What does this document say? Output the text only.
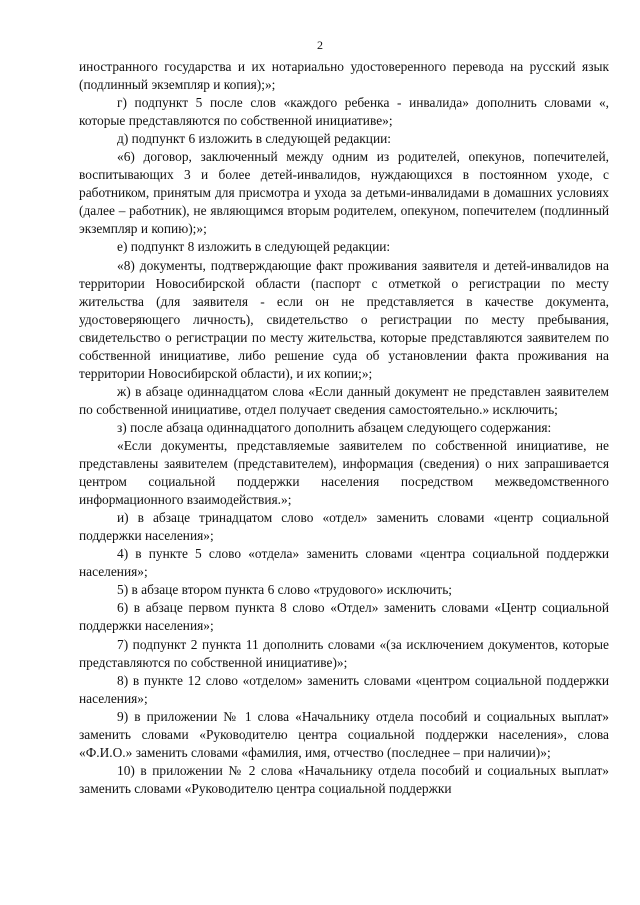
2

иностранного государства и их нотариально удостоверенного перевода на русский язык (подлинный экземпляр и копия);»;

г) подпункт 5 после слов «каждого ребенка - инвалида» дополнить словами «, которые представляются по собственной инициативе»;

д) подпункт 6 изложить в следующей редакции:

«6) договор, заключенный между одним из родителей, опекунов, попечителей, воспитывающих 3 и более детей-инвалидов, нуждающихся в постоянном уходе, с работником, принятым для присмотра и ухода за детьми-инвалидами в домашних условиях (далее – работник), не являющимся вторым родителем, опекуном, попечителем (подлинный экземпляр и копию);»;

е) подпункт 8 изложить в следующей редакции:

«8) документы, подтверждающие факт проживания заявителя и детей-инвалидов на территории Новосибирской области (паспорт с отметкой о регистрации по месту жительства (для заявителя - если он не представляется в качестве документа, удостоверяющего личность), свидетельство о регистрации по месту пребывания, свидетельство о регистрации по месту жительства, которые представляются заявителем по собственной инициативе, либо решение суда об установлении факта проживания на территории Новосибирской области), и их копии;»;

ж) в абзаце одиннадцатом слова «Если данный документ не представлен заявителем по собственной инициативе, отдел получает сведения самостоятельно.» исключить;

з) после абзаца одиннадцатого дополнить абзацем следующего содержания:

«Если документы, представляемые заявителем по собственной инициативе, не представлены заявителем (представителем), информация (сведения) о них запрашивается центром социальной поддержки населения посредством межведомственного информационного взаимодействия.»;

и) в абзаце тринадцатом слово «отдел» заменить словами «центр социальной поддержки населения»;

4) в пункте 5 слово «отдела» заменить словами «центра социальной поддержки населения»;

5) в абзаце втором пункта 6 слово «трудового» исключить;

6) в абзаце первом пункта 8 слово «Отдел» заменить словами «Центр социальной поддержки населения»;

7) подпункт 2 пункта 11 дополнить словами «(за исключением документов, которые представляются по собственной инициативе)»;

8) в пункте 12 слово «отделом» заменить словами «центром социальной поддержки населения»;

9) в приложении № 1 слова «Начальнику отдела пособий и социальных выплат» заменить словами «Руководителю центра социальной поддержки населения», слова «Ф.И.О.» заменить словами «фамилия, имя, отчество (последнее – при наличии)»;

10) в приложении № 2 слова «Начальнику отдела пособий и социальных выплат» заменить словами «Руководителю центра социальной поддержки
